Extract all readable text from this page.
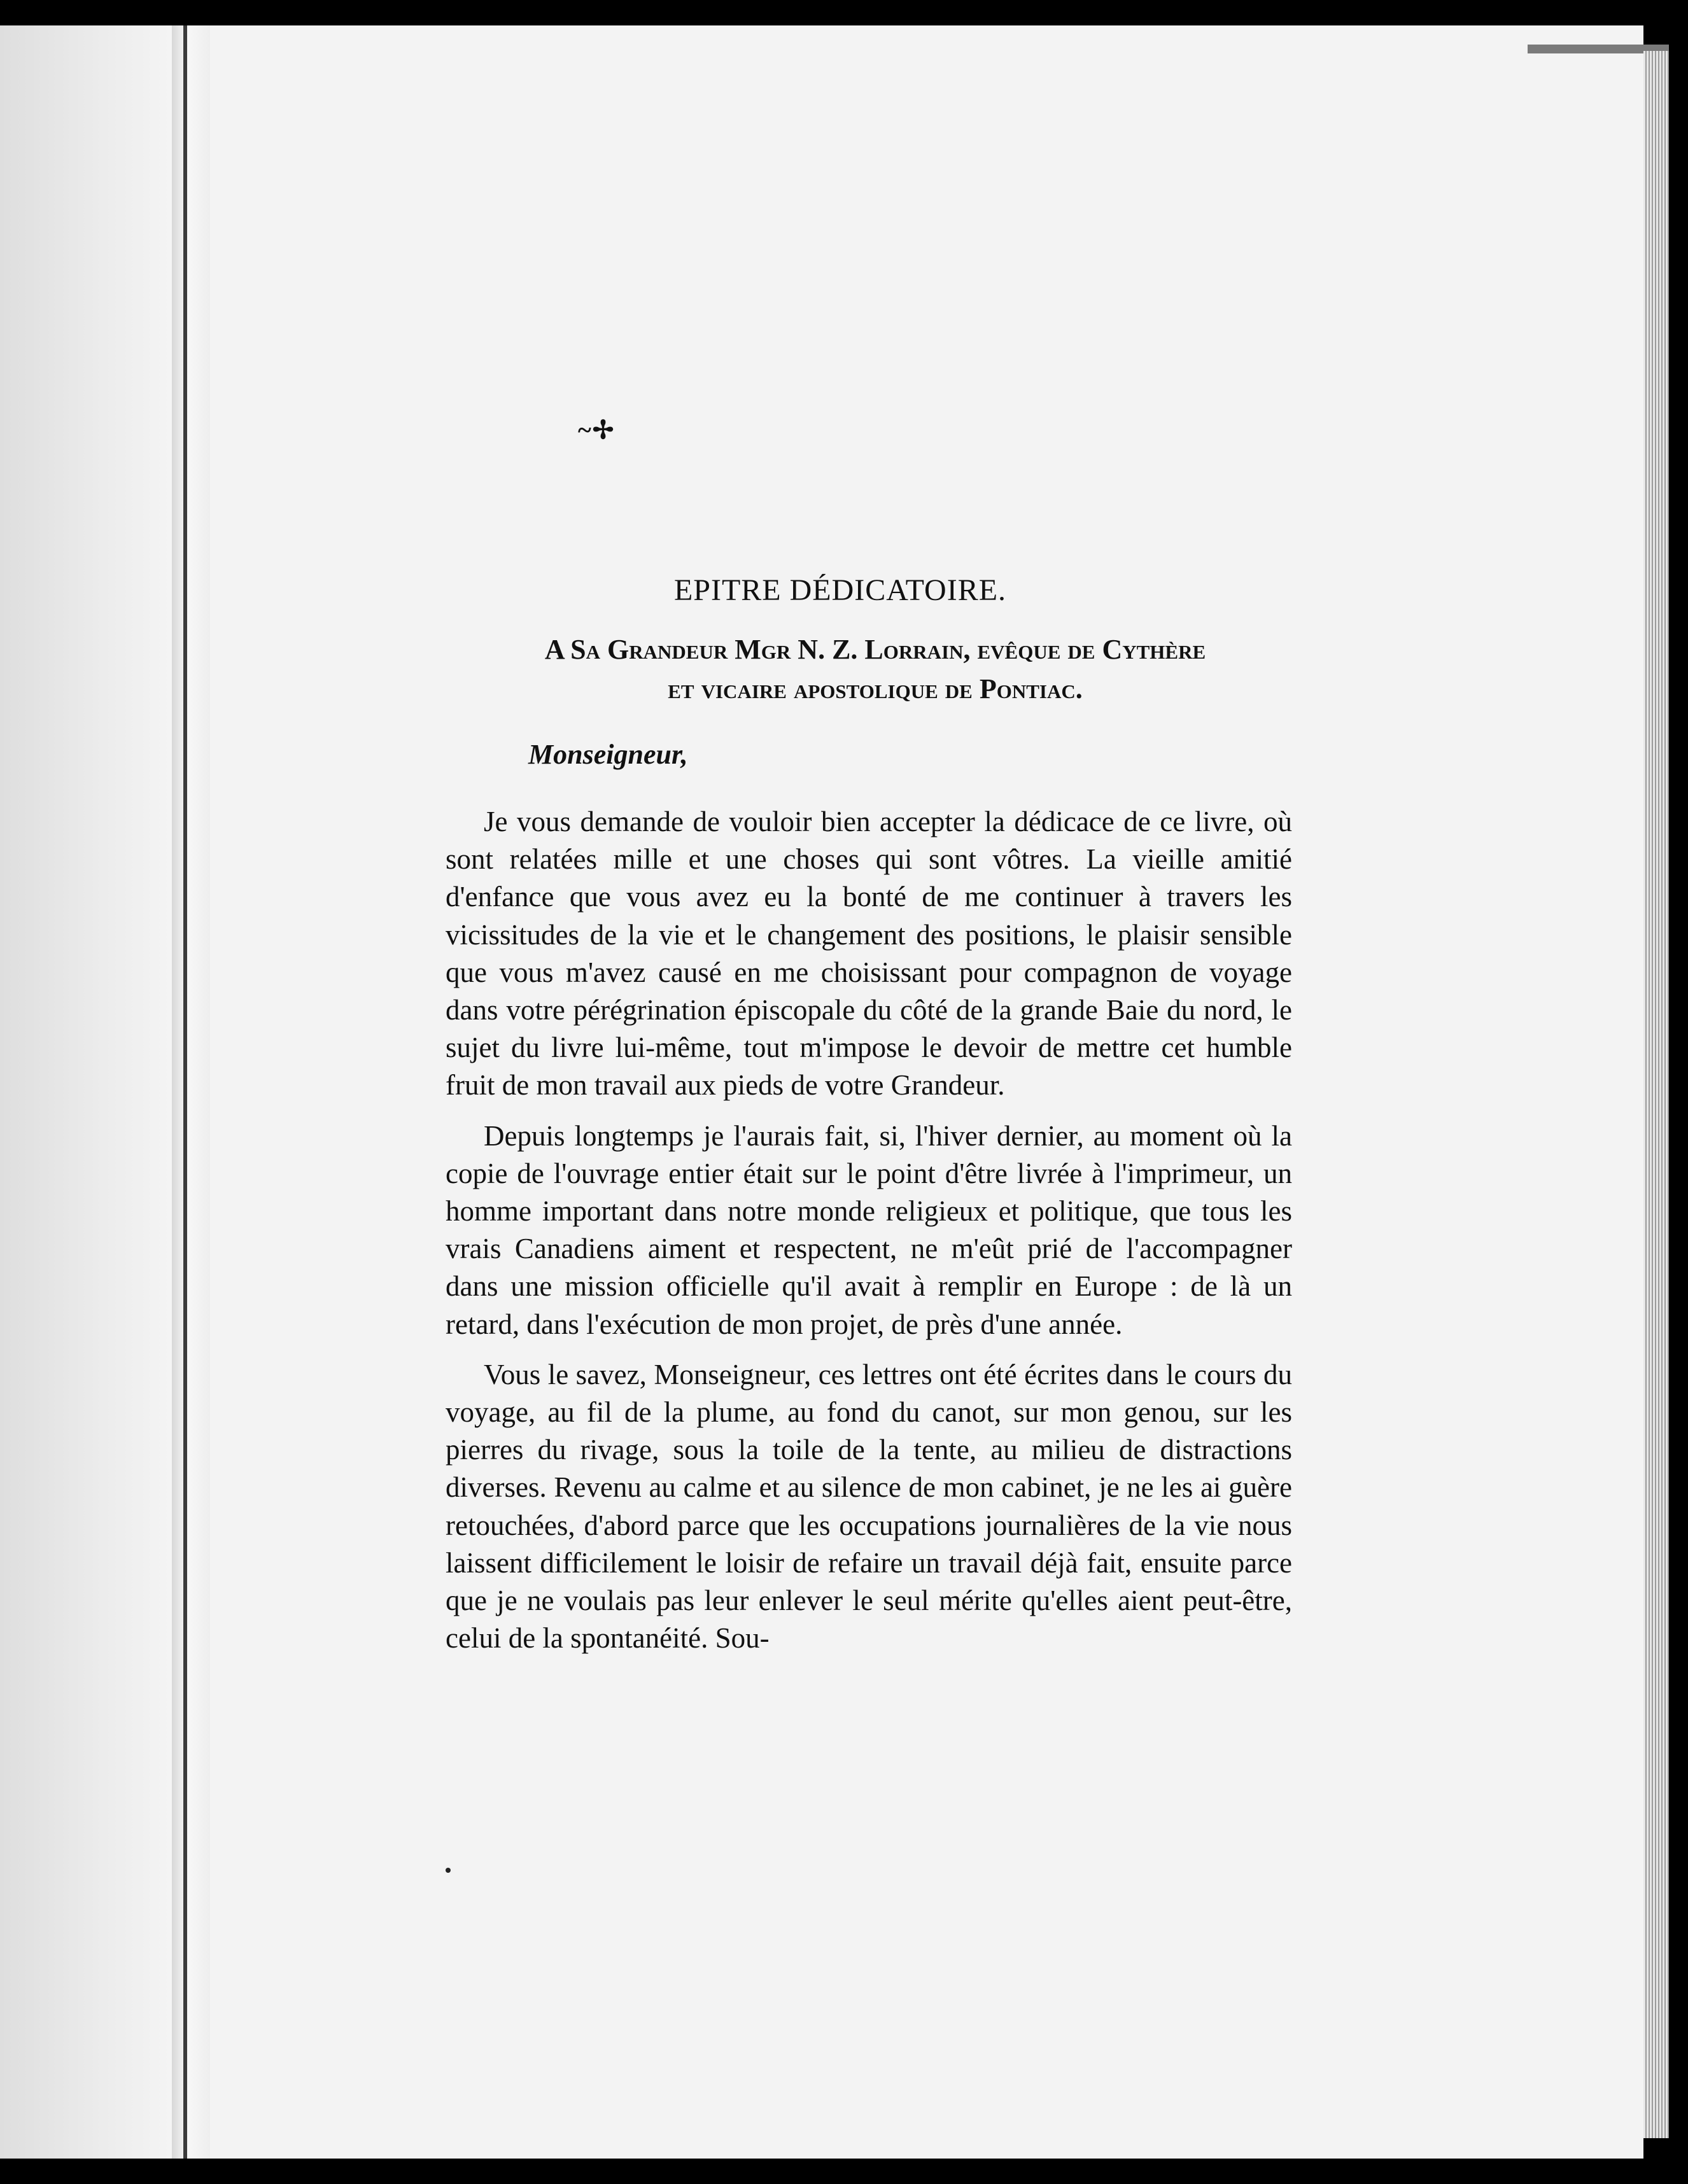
~✢
EPITRE DÉDICATOIRE.
A Sa Grandeur Mgr N. Z. Lorrain, evêque de Cythère
et vicaire apostolique de Pontiac.
Monseigneur,

Je vous demande de vouloir bien accepter la dédicace de ce livre, où sont relatées mille et une choses qui sont vôtres. La vieille amitié d'enfance que vous avez eu la bonté de me continuer à travers les vicissitudes de la vie et le changement des positions, le plaisir sensible que vous m'avez causé en me choisissant pour compagnon de voyage dans votre pérégrination épiscopale du côté de la grande Baie du nord, le sujet du livre lui-même, tout m'impose le devoir de mettre cet humble fruit de mon travail aux pieds de votre Grandeur.

Depuis longtemps je l'aurais fait, si, l'hiver dernier, au moment où la copie de l'ouvrage entier était sur le point d'être livrée à l'imprimeur, un homme important dans notre monde religieux et politique, que tous les vrais Canadiens aiment et respectent, ne m'eût prié de l'accompagner dans une mission officielle qu'il avait à remplir en Europe : de là un retard, dans l'exécution de mon projet, de près d'une année.

Vous le savez, Monseigneur, ces lettres ont été écrites dans le cours du voyage, au fil de la plume, au fond du canot, sur mon genou, sur les pierres du rivage, sous la toile de la tente, au milieu de distractions diverses. Revenu au calme et au silence de mon cabinet, je ne les ai guère retouchées, d'abord parce que les occupations journalières de la vie nous laissent difficilement le loisir de refaire un travail déjà fait, ensuite parce que je ne voulais pas leur enlever le seul mérite qu'elles aient peut-être, celui de la spontanéité. Sou-
